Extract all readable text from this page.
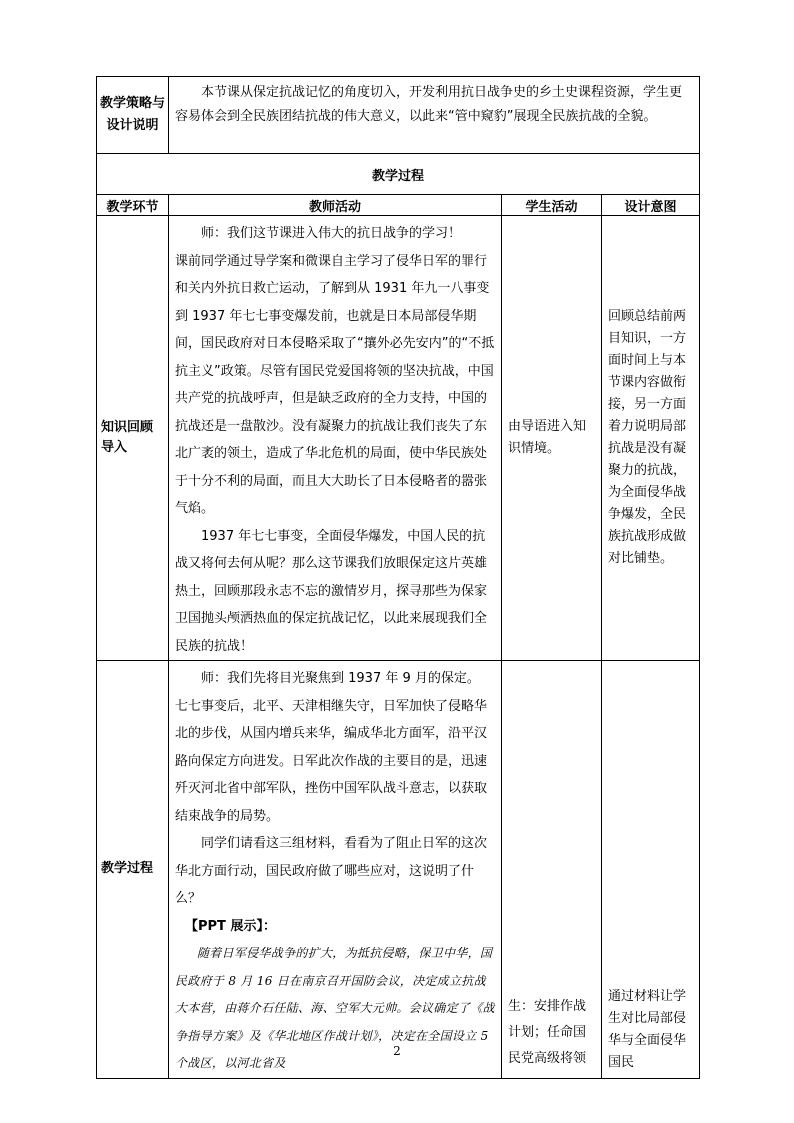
教学策略与设计说明	本节课从保定抗战记忆的角度切入，开发利用抗日战争史的乡土史课程资源，学生更容易体会到全民族团结抗战的伟大意义，以此来“管中窥豹”展现全民族抗战的全貌。		
教学过程			
教学环节	教师活动	学生活动	设计意图
知识回顾导入	师：我们这节课进入伟大的抗日战争的学习！

课前同学通过导学案和微课自主学习了侵华日军的罪行和关内外抗日救亡运动，了解到从 1931 年九一八事变到 1937 年七七事变爆发前，也就是日本局部侵华期间，国民政府对日本侵略采取了“攘外必先安内”的“不抵抗主义”政策。尽管有国民党爱国将领的坚决抗战，中国共产党的抗战呼声，但是缺乏政府的全力支持，中国的抗战还是一盘散沙。没有凝聚力的抗战让我们丧失了东北广袤的领土，造成了华北危机的局面，使中华民族处于十分不利的局面，而且大大助长了日本侵略者的嚣张气焰。

1937 年七七事变，全面侵华爆发，中国人民的抗战又将何去何从呢？那么这节课我们放眼保定这片英雄热土，回顾那段永志不忘的激情岁月，探寻那些为保家卫国抛头颅洒热血的保定抗战记忆，以此来展现我们全民族的抗战！	由导语进入知识情境。	回顾总结前两目知识，一方面时间上与本节课内容做衔接，另一方面着力说明局部抗战是没有凝聚力的抗战，为全面侵华战争爆发，全民族抗战形成做对比铺垫。
教学过程	师：我们先将目光聚焦到 1937 年 9 月的保定。

七七事变后，北平、天津相继失守，日军加快了侵略华北的步伐，从国内增兵来华，编成华北方面军，沿平汉路向保定方向进发。日军此次作战的主要目的是，迅速歼灭河北省中部军队，挫伤中国军队战斗意志，以获取结束战争的局势。

同学们请看这三组材料，看看为了阻止日军的这次华北方面行动，国民政府做了哪些应对，这说明了什么？

【PPT 展示】：

随着日军侵华战争的扩大，为抵抗侵略，保卫中华，国民政府于 8 月 16 日在南京召开国防会议，决定成立抗战大本营，由蒋介石任陆、海、空军大元帅。会议确定了《战争指导方案》及《华北地区作战计划》，决定在全国设立 5 个战区，以河北省及	生：安排作战计划；任命国民党高级将领	通过材料让学生对比局部侵华与全面侵华国民
2
